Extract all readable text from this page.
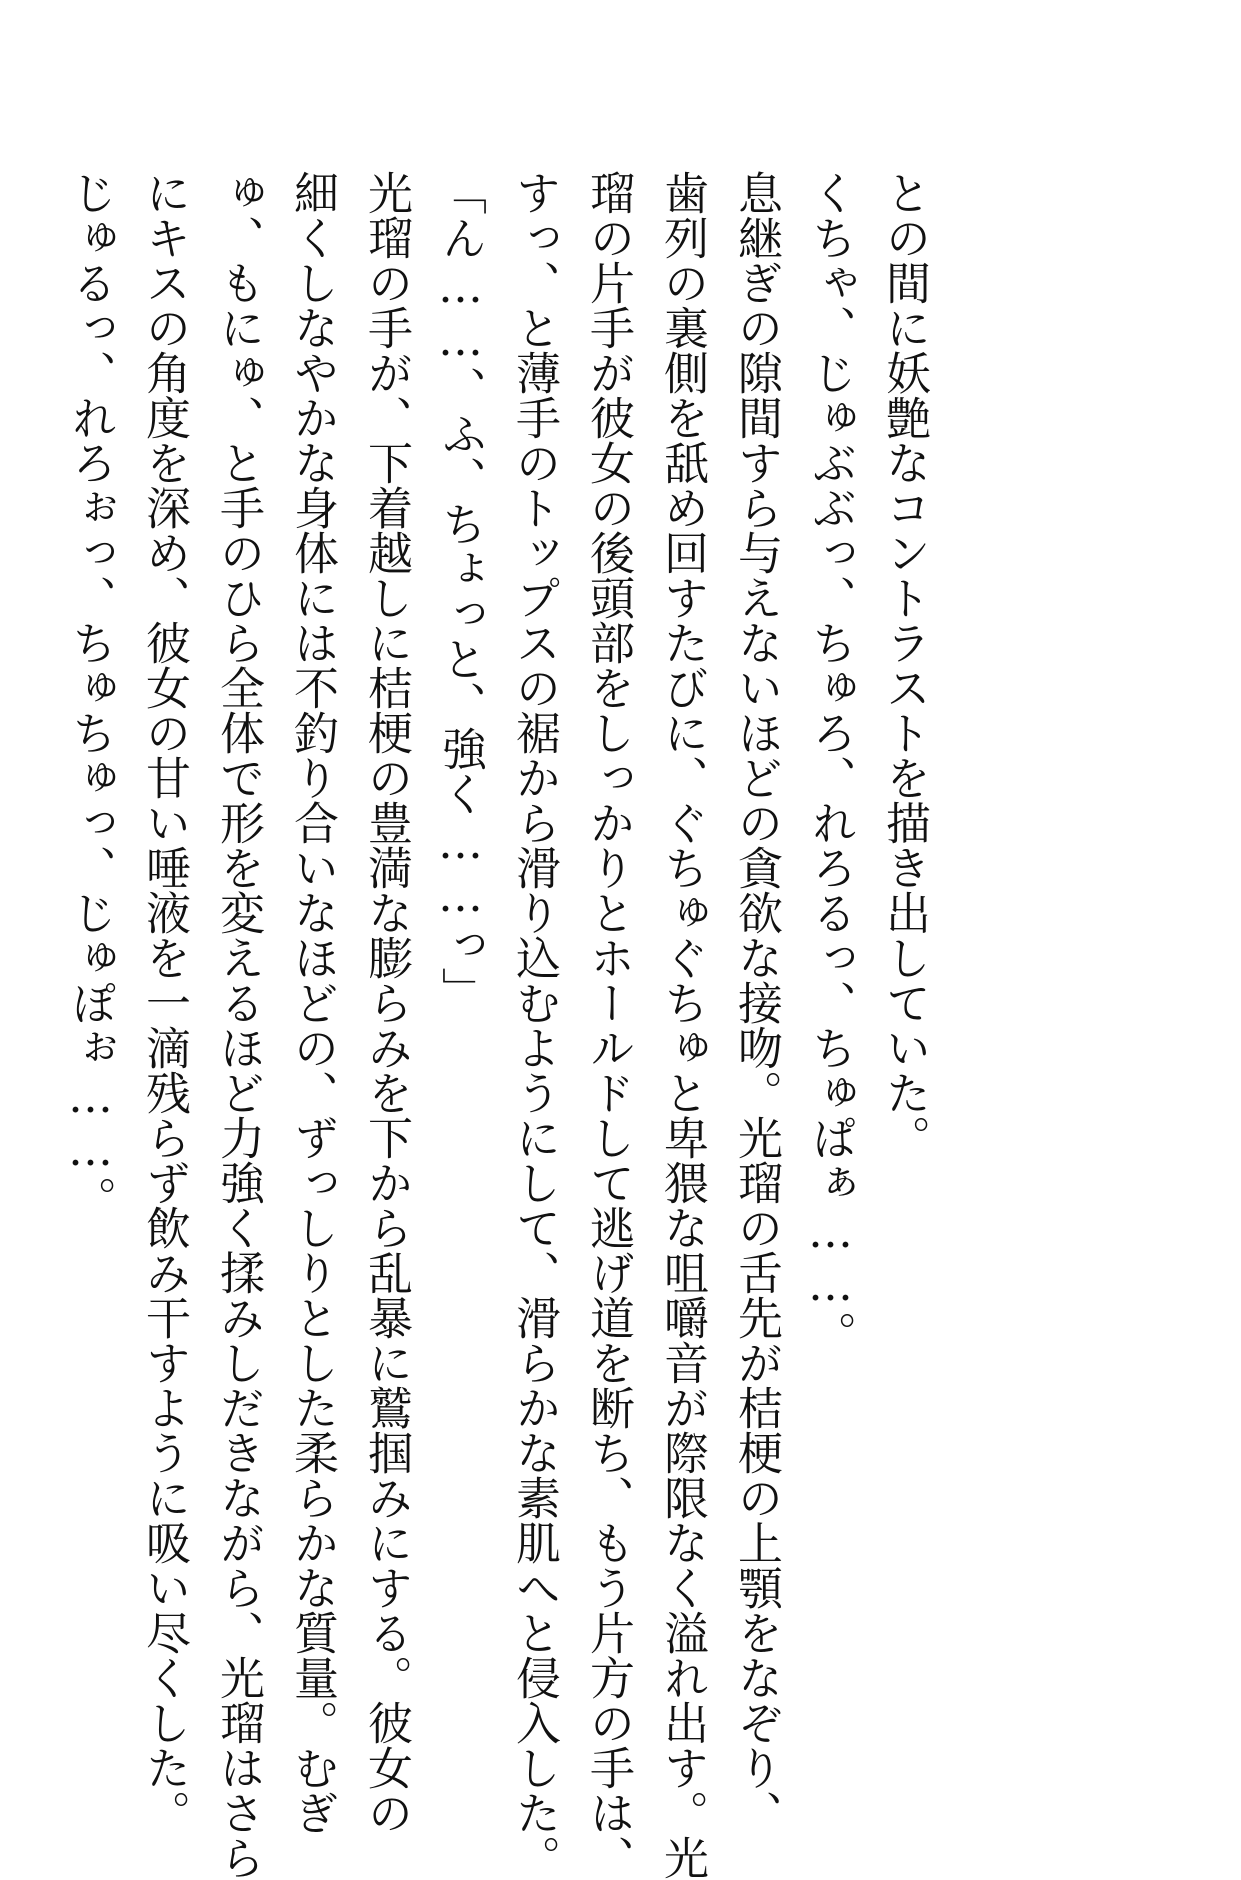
との間に妖艶なコントラストを描き出していた。

くちゃ、じゅぶぶっ、ちゅろ、れろるっ、ちゅぱぁ……。

息継ぎの隙間すら与えないほどの貪欲な接吻。光瑠の舌先が桔梗の上顎をなぞり、

歯列の裏側を舐め回すたびに、ぐちゅぐちゅと卑猥な咀嚼音が際限なく溢れ出す。光

瑠の片手が彼女の後頭部をしっかりとホールドして逃げ道を断ち、もう片方の手は、

すっ、と薄手のトップスの裾から滑り込むようにして、滑らかな素肌へと侵入した。

「ん……、ふ、ちょっと、強く……っ」

光瑠の手が、下着越しに桔梗の豊満な膨らみを下から乱暴に鷲掴みにする。彼女の

細くしなやかな身体には不釣り合いなほどの、ずっしりとした柔らかな質量。むぎ

ゅ、もにゅ、と手のひら全体で形を変えるほど力強く揉みしだきながら、光瑠はさら

にキスの角度を深め、彼女の甘い唾液を一滴残らず飲み干すように吸い尽くした。

じゅるっ、れろぉっ、ちゅちゅっ、じゅぽぉ……。
